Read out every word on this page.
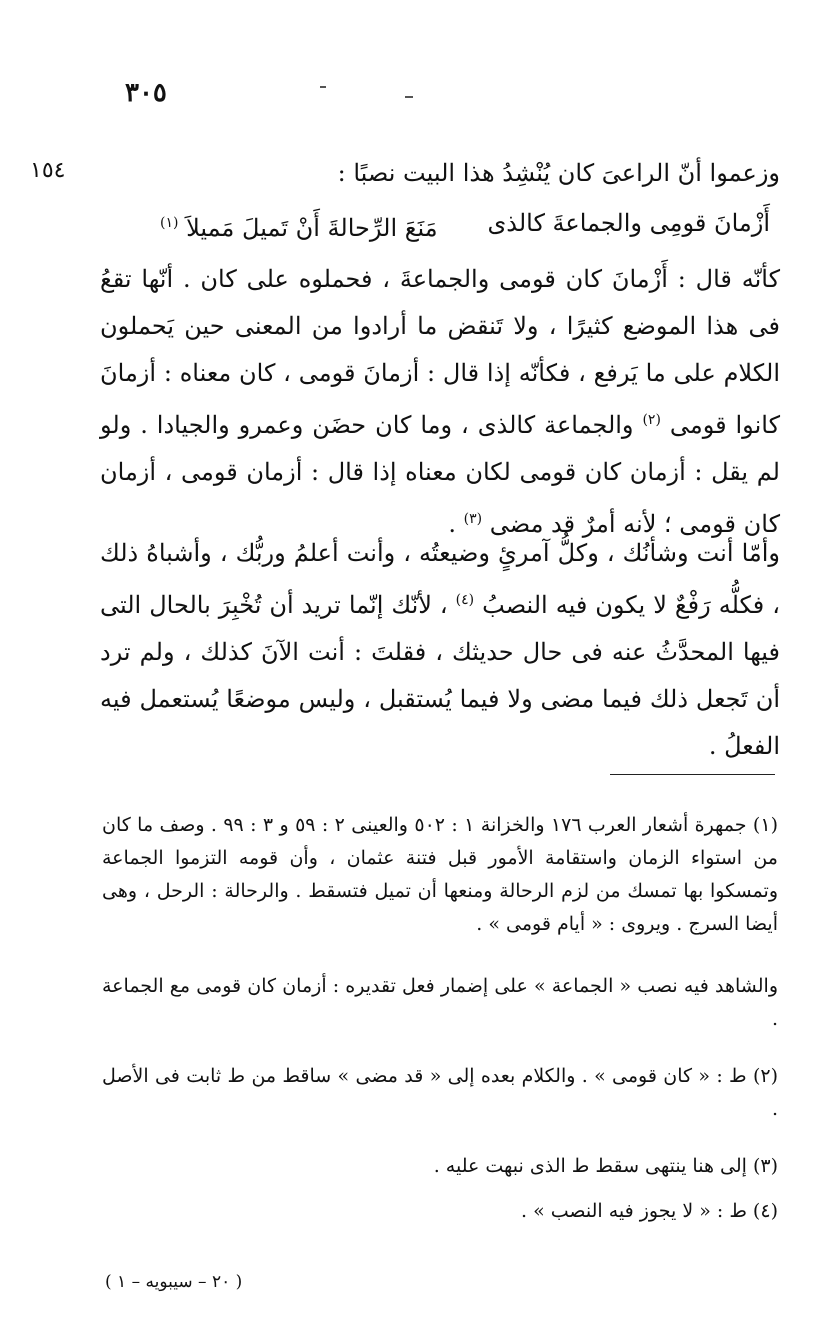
٣٠٥
١٥٤	وزعموا أنّ الراعىَ كان يُنْشِدُ هذا البيت نصبًا :
أَزْمانَ قومِى والجماعةَ كالذى
مَنَعَ الرِّحالةَ أَنْ تَميلَ مَميلاَ $^{(١)}$
كأنّه قال : أَزْمانَ كان قومى والجماعةَ ، فحملوه على كان . أنّها تقعُ فى هذا الموضع كثيرًا ، ولا تَنقض ما أرادوا من المعنى حين يَحملون الكلام على ما يَرفع ، فكأنّه إذا قال : أزمانَ قومى ، كان معناه : أزمانَ كانوا قومى $^{(٢)}$ والجماعة كالذى ، وما كان حضَن وعمرو والجيادا . ولو لم يقل : أزمان كان قومى لكان معناه إذا قال : أزمان قومى ، أزمان كان قومى ؛ لأنه أمرٌ قد مضى $^{(٣)}$ .
وأمّا أنت وشأنُك ، وكلُّ آمرئٍ وضيعتُه ، وأنت أعلمُ وربُّك ، وأشباهُ ذلك ، فكلُّه رَفْعٌ لا يكون فيه النصبُ $^{(٤)}$ ، لأنّك إنّما تريد أن تُخْبِرَ بالحال التى فيها المحدَّثُ عنه فى حال حديثك ، فقلتَ : أنت الآنَ كذلك ، ولم ترد أن تَجعل ذلك فيما مضى ولا فيما يُستقبل ، وليس موضعًا يُستعمل فيه الفعلُ .
(١) جمهرة أشعار العرب ١٧٦ والخزانة ١ : ٥٠٢ والعينى ٢ : ٥٩ و ٣ : ٩٩ . وصف ما كان من استواء الزمان واستقامة الأمور قبل فتنة عثمان ، وأن قومه التزموا الجماعة وتمسكوا بها تمسك من لزم الرحالة ومنعها أن تميل فتسقط . والرحالة : الرحل ، وهى أيضا السرج . ويروى : « أيام قومى » .
والشاهد فيه نصب « الجماعة » على إضمار فعل تقديره : أزمان كان قومى مع الجماعة .
(٢) ط : « كان قومى » . والكلام بعده إلى « قد مضى » ساقط من ط ثابت فى الأصل .
(٣) إلى هنا ينتهى سقط ط الذى نبهت عليه .
(٤) ط : « لا يجوز فيه النصب » .
( ٢٠ – سيبويه – ١ )
